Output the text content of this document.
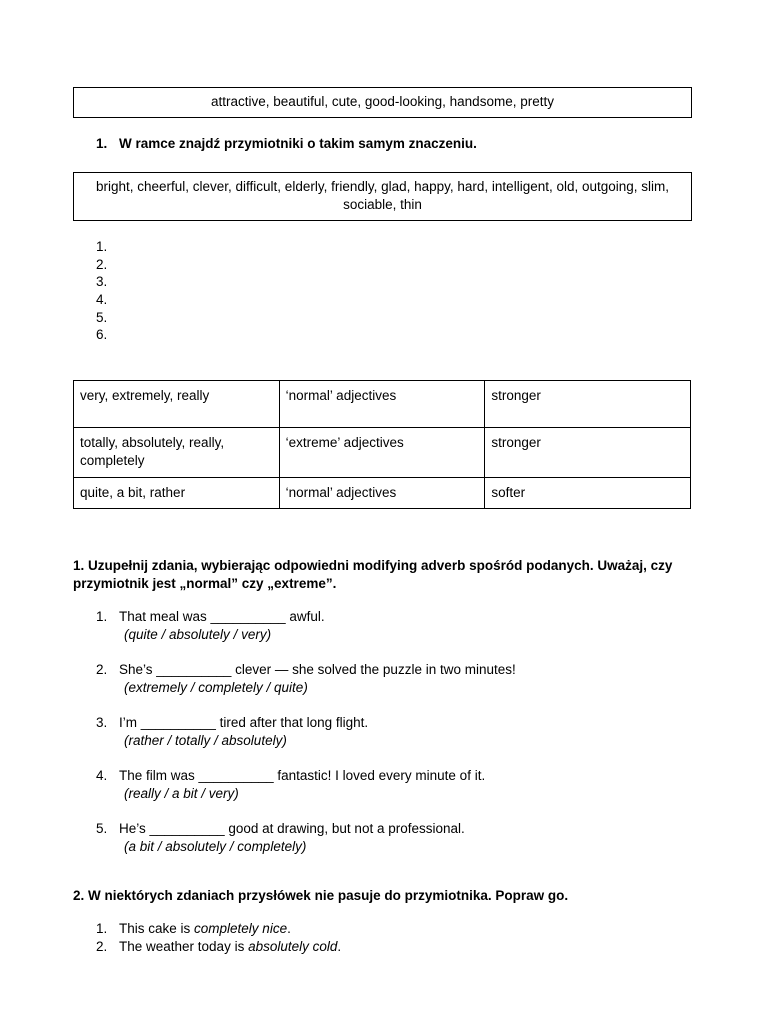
attractive, beautiful, cute, good-looking, handsome, pretty
1. W ramce znajdź przymiotniki o takim samym znaczeniu.
bright, cheerful, clever, difficult, elderly, friendly, glad, happy, hard, intelligent, old, outgoing, slim, sociable, thin
1.
2.
3.
4.
5.
6.
very, extremely, really	‘normal’ adjectives	stronger
totally, absolutely, really, completely	‘extreme’ adjectives	stronger
quite, a bit, rather	‘normal’ adjectives	softer
1. Uzupełnij zdania, wybierając odpowiedni modifying adverb spośród podanych. Uważaj, czy przymiotnik jest „normal” czy „extreme”.
1. That meal was __________ awful.
(quite / absolutely / very)
2. She’s __________ clever — she solved the puzzle in two minutes!
(extremely / completely / quite)
3. I’m __________ tired after that long flight.
(rather / totally / absolutely)
4. The film was __________ fantastic! I loved every minute of it.
(really / a bit / very)
5. He’s __________ good at drawing, but not a professional.
(a bit / absolutely / completely)
2. W niektórych zdaniach przysłówek nie pasuje do przymiotnika. Popraw go.
1. This cake is completely nice.
2. The weather today is absolutely cold.
